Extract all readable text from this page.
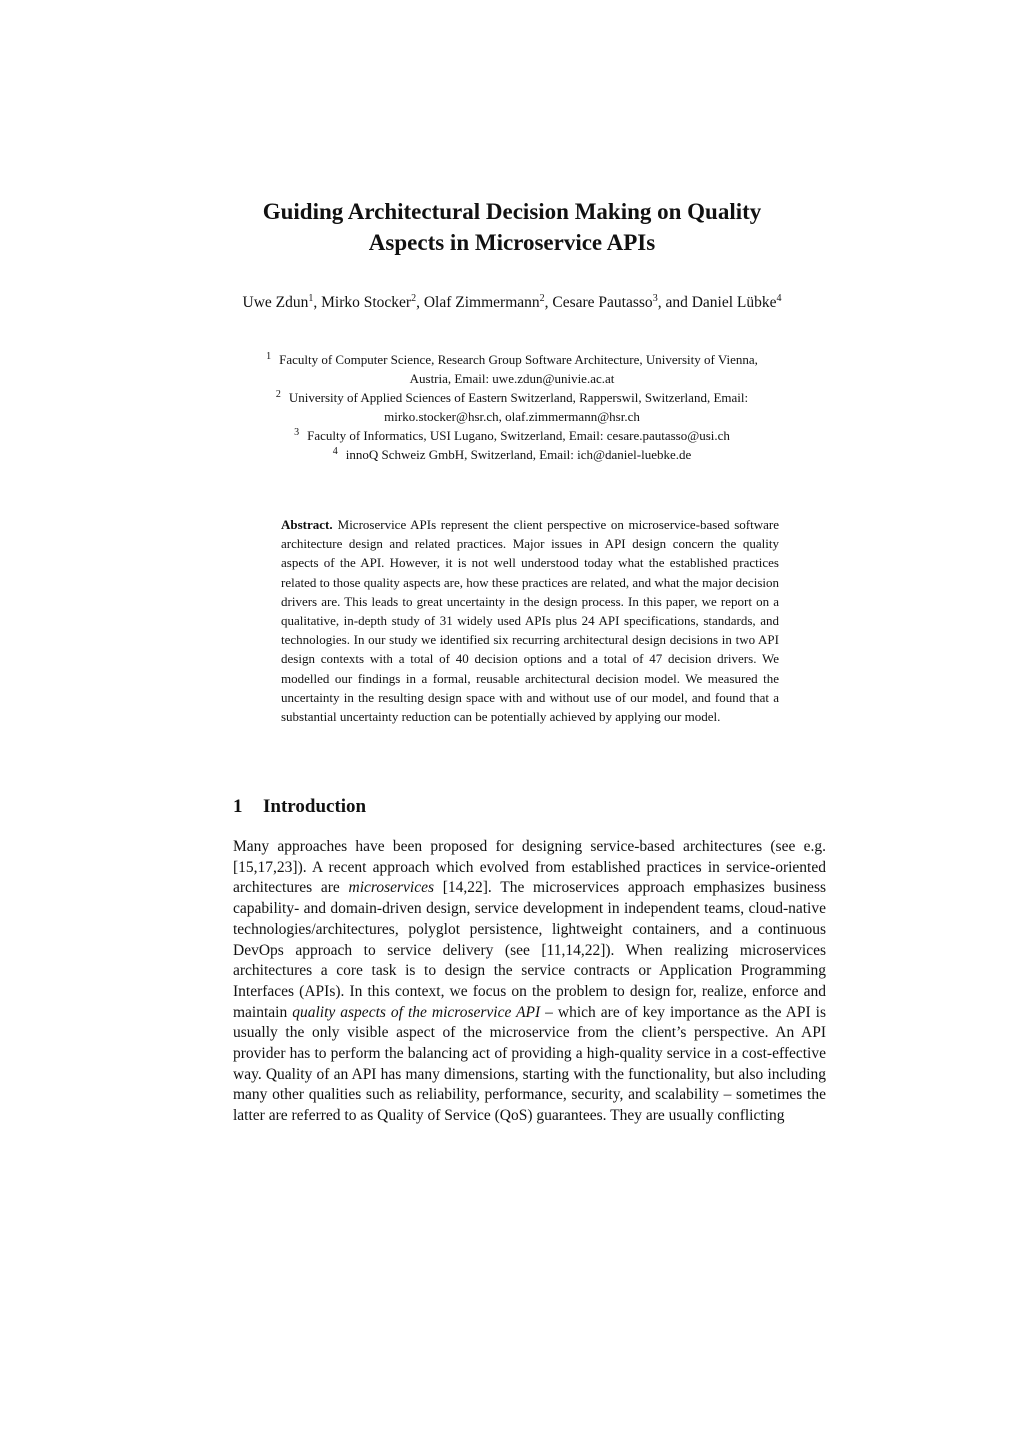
Guiding Architectural Decision Making on Quality
Aspects in Microservice APIs

Uwe Zdun$^1$, Mirko Stocker$^2$, Olaf Zimmermann$^2$, Cesare Pautasso$^3$, and Daniel Lübke$^4$

$^1$ Faculty of Computer Science, Research Group Software Architecture, University of Vienna,
Austria, Email: uwe.zdun@univie.ac.at

$^2$ University of Applied Sciences of Eastern Switzerland, Rapperswil, Switzerland, Email:
mirko.stocker@hsr.ch, olaf.zimmermann@hsr.ch

$^3$ Faculty of Informatics, USI Lugano, Switzerland, Email: cesare.pautasso@usi.ch

$^4$ innoQ Schweiz GmbH, Switzerland, Email: ich@daniel-luebke.de

Abstract. Microservice APIs represent the client perspective on microservice-based software architecture design and related practices. Major issues in API design concern the quality aspects of the API. However, it is not well understood today what the established practices related to those quality aspects are, how these practices are related, and what the major decision drivers are. This leads to great uncertainty in the design process. In this paper, we report on a qualitative, in-depth study of 31 widely used APIs plus 24 API specifications, standards, and technologies. In our study we identified six recurring architectural design decisions in two API design contexts with a total of 40 decision options and a total of 47 decision drivers. We modelled our findings in a formal, reusable architectural decision model. We measured the uncertainty in the resulting design space with and without use of our model, and found that a substantial uncertainty reduction can be potentially achieved by applying our model.

1 Introduction

Many approaches have been proposed for designing service-based architectures (see e.g. [15,17,23]). A recent approach which evolved from established practices in service-oriented architectures are microservices [14,22]. The microservices approach emphasizes business capability- and domain-driven design, service development in independent teams, cloud-native technologies/architectures, polyglot persistence, lightweight containers, and a continuous DevOps approach to service delivery (see [11,14,22]). When realizing microservices architectures a core task is to design the service contracts or Application Programming Interfaces (APIs). In this context, we focus on the problem to design for, realize, enforce and maintain quality aspects of the microservice API – which are of key importance as the API is usually the only visible aspect of the microservice from the client’s perspective. An API provider has to perform the balancing act of providing a high-quality service in a cost-effective way. Quality of an API has many dimensions, starting with the functionality, but also including many other qualities such as reliability, performance, security, and scalability – sometimes the latter are referred to as Quality of Service (QoS) guarantees. They are usually conflicting
